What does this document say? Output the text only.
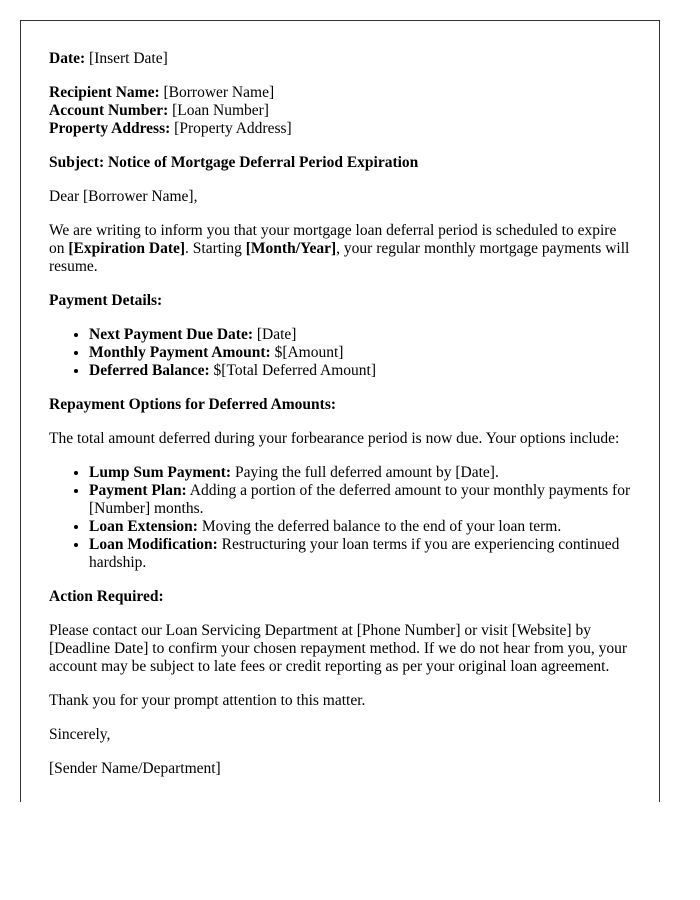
Date: [Insert Date]

Recipient Name: [Borrower Name]
Account Number: [Loan Number]
Property Address: [Property Address]

Subject: Notice of Mortgage Deferral Period Expiration

Dear [Borrower Name],

We are writing to inform you that your mortgage loan deferral period is scheduled to expire on [Expiration Date]. Starting [Month/Year], your regular monthly mortgage payments will resume.

Payment Details:

• Next Payment Due Date: [Date]
• Monthly Payment Amount: $[Amount]
• Deferred Balance: $[Total Deferred Amount]

Repayment Options for Deferred Amounts:

The total amount deferred during your forbearance period is now due. Your options include:

• Lump Sum Payment: Paying the full deferred amount by [Date].
• Payment Plan: Adding a portion of the deferred amount to your monthly payments for [Number] months.
• Loan Extension: Moving the deferred balance to the end of your loan term.
• Loan Modification: Restructuring your loan terms if you are experiencing continued hardship.

Action Required:

Please contact our Loan Servicing Department at [Phone Number] or visit [Website] by [Deadline Date] to confirm your chosen repayment method. If we do not hear from you, your account may be subject to late fees or credit reporting as per your original loan agreement.

Thank you for your prompt attention to this matter.

Sincerely,

[Sender Name/Department]
